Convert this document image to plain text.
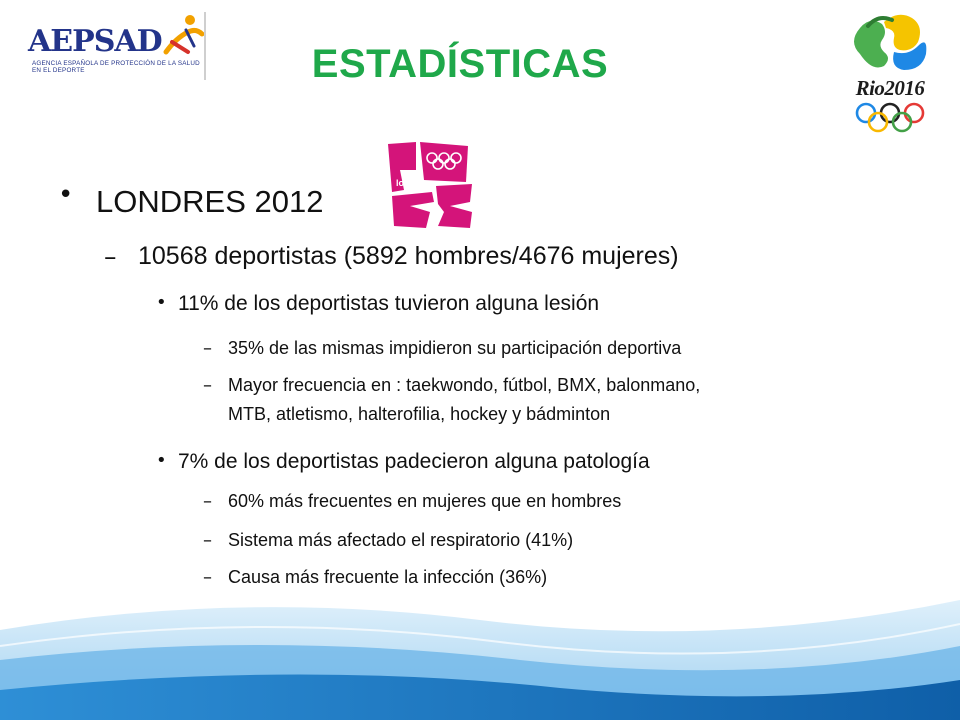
AEPSAD
AGENCIA ESPAÑOLA DE PROTECCIÓN DE LA SALUD EN EL DEPORTE	ESTADÍSTICAS
Rio2016
london
• LONDRES 2012
– 10568 deportistas (5892 hombres/4676 mujeres)
• 11% de los deportistas tuvieron alguna lesión
– 35% de las mismas impidieron su participación deportiva
– Mayor frecuencia en : taekwondo, fútbol, BMX, balonmano,
MTB, atletismo, halterofilia, hockey y bádminton
• 7% de los deportistas padecieron alguna patología
– 60% más frecuentes en mujeres que en hombres
– Sistema más afectado el respiratorio (41%)
– Causa más frecuente la infección (36%)
